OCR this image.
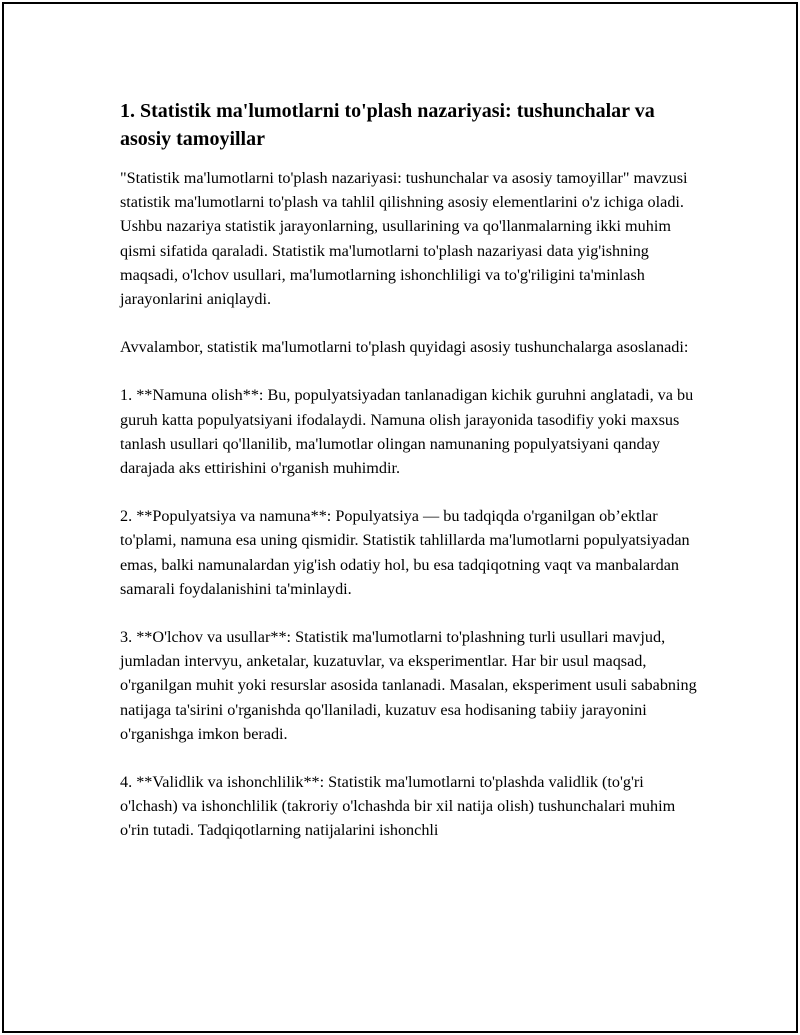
1. Statistik ma'lumotlarni to'plash nazariyasi: tushunchalar va asosiy tamoyillar

"Statistik ma'lumotlarni to'plash nazariyasi: tushunchalar va asosiy tamoyillar" mavzusi statistik ma'lumotlarni to'plash va tahlil qilishning asosiy elementlarini o'z ichiga oladi. Ushbu nazariya statistik jarayonlarning, usullarining va qo'llanmalarning ikki muhim qismi sifatida qaraladi. Statistik ma'lumotlarni to'plash nazariyasi data yig'ishning maqsadi, o'lchov usullari, ma'lumotlarning ishonchliligi va to'g'riligini ta'minlash jarayonlarini aniqlaydi.

Avvalambor, statistik ma'lumotlarni to'plash quyidagi asosiy tushunchalarga asoslanadi:

1. **Namuna olish**: Bu, populyatsiyadan tanlanadigan kichik guruhni anglatadi, va bu guruh katta populyatsiyani ifodalaydi. Namuna olish jarayonida tasodifiy yoki maxsus tanlash usullari qo'llanilib, ma'lumotlar olingan namunaning populyatsiyani qanday darajada aks ettirishini o'rganish muhimdir.

2. **Populyatsiya va namuna**: Populyatsiya — bu tadqiqda o'rganilgan ob’ektlar to'plami, namuna esa uning qismidir. Statistik tahlillarda ma'lumotlarni populyatsiyadan emas, balki namunalardan yig'ish odatiy hol, bu esa tadqiqotning vaqt va manbalardan samarali foydalanishini ta'minlaydi.

3. **O'lchov va usullar**: Statistik ma'lumotlarni to'plashning turli usullari mavjud, jumladan intervyu, anketalar, kuzatuvlar, va eksperimentlar. Har bir usul maqsad, o'rganilgan muhit yoki resurslar asosida tanlanadi. Masalan, eksperiment usuli sababning natijaga ta'sirini o'rganishda qo'llaniladi, kuzatuv esa hodisaning tabiiy jarayonini o'rganishga imkon beradi.

4. **Validlik va ishonchlilik**: Statistik ma'lumotlarni to'plashda validlik (to'g'ri o'lchash) va ishonchlilik (takroriy o'lchashda bir xil natija olish) tushunchalari muhim o'rin tutadi. Tadqiqotlarning natijalarini ishonchli
